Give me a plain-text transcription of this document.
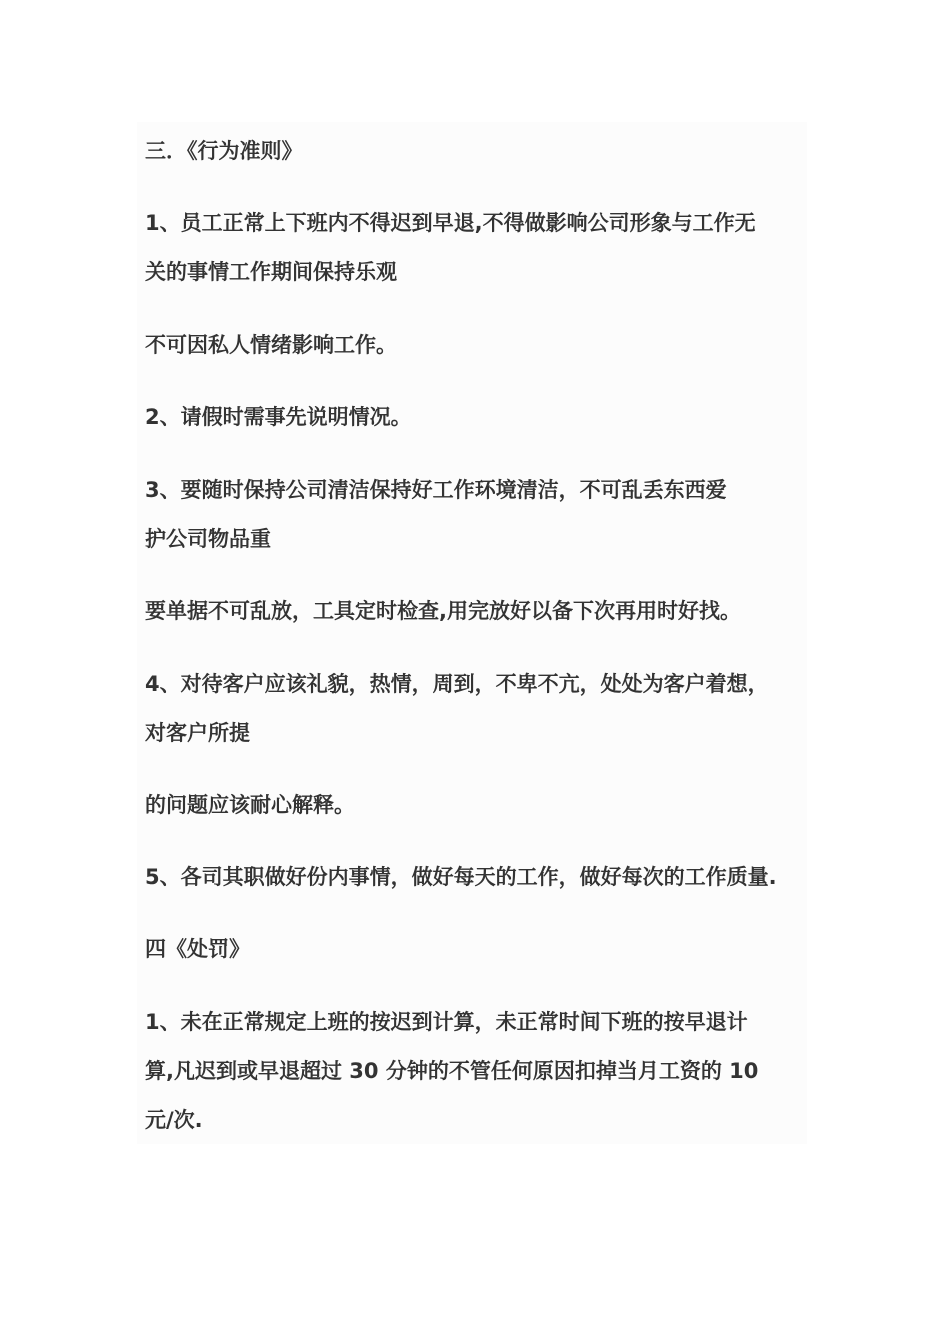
三．《行为准则》

1、员工正常上下班内不得迟到早退,不得做影响公司形象与工作无

关的事情工作期间保持乐观

不可因私人情绪影响工作。

2、请假时需事先说明情况。

3、要随时保持公司清洁保持好工作环境清洁，不可乱丢东西爱

护公司物品重

要单据不可乱放，工具定时检查,用完放好以备下次再用时好找。

4、对待客户应该礼貌，热情，周到，不卑不亢，处处为客户着想，

对客户所提

的问题应该耐心解释。

5、各司其职做好份内事情，做好每天的工作，做好每次的工作质量.

四《处罚》

1、未在正常规定上班的按迟到计算，未正常时间下班的按早退计

算,凡迟到或早退超过 30 分钟的不管任何原因扣掉当月工资的 10

元/次.
